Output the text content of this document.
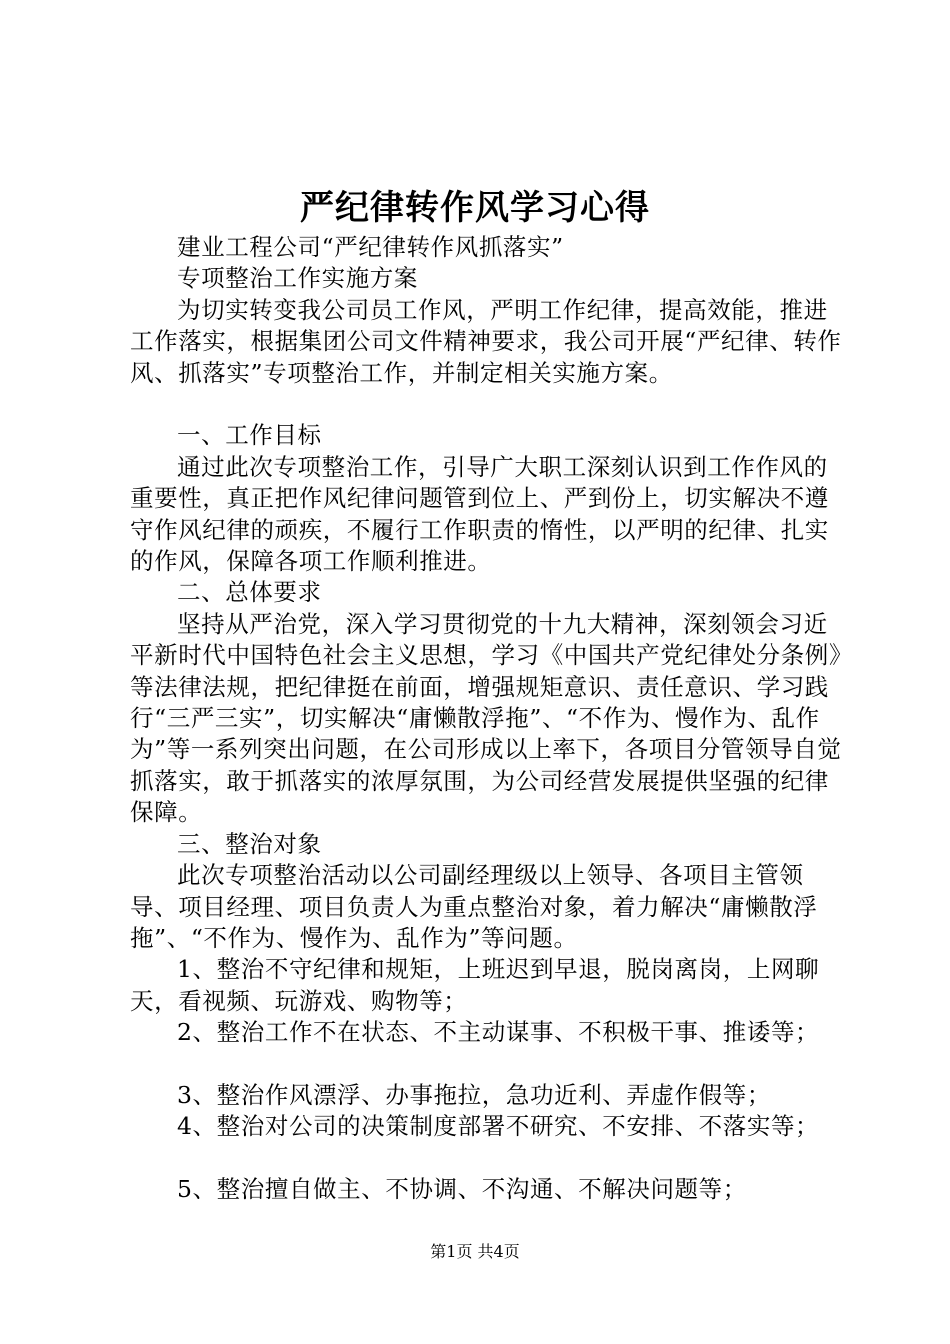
严纪律转作风学习心得

建业工程公司“严纪律转作风抓落实”

专项整治工作实施方案

为切实转变我公司员工作风，严明工作纪律，提高效能，推进工作落实，根据集团公司文件精神要求，我公司开展“严纪律、转作风、抓落实”专项整治工作，并制定相关实施方案。

一、工作目标

通过此次专项整治工作，引导广大职工深刻认识到工作作风的重要性，真正把作风纪律问题管到位上、严到份上，切实解决不遵守作风纪律的顽疾，不履行工作职责的惰性，以严明的纪律、扎实的作风，保障各项工作顺利推进。

二、总体要求

坚持从严治党，深入学习贯彻党的十九大精神，深刻领会习近平新时代中国特色社会主义思想，学习《中国共产党纪律处分条例》等法律法规，把纪律挺在前面，增强规矩意识、责任意识、学习践行“三严三实”，切实解决“庸懒散浮拖”、“不作为、慢作为、乱作为”等一系列突出问题，在公司形成以上率下，各项目分管领导自觉抓落实，敢于抓落实的浓厚氛围，为公司经营发展提供坚强的纪律保障。

三、整治对象

此次专项整治活动以公司副经理级以上领导、各项目主管领导、项目经理、项目负责人为重点整治对象，着力解决“庸懒散浮拖”、“不作为、慢作为、乱作为”等问题。

1、整治不守纪律和规矩，上班迟到早退，脱岗离岗，上网聊天，看视频、玩游戏、购物等；

2、整治工作不在状态、不主动谋事、不积极干事、推诿等；

3、整治作风漂浮、办事拖拉，急功近利、弄虚作假等；

4、整治对公司的决策制度部署不研究、不安排、不落实等；

5、整治擅自做主、不协调、不沟通、不解决问题等；

第1页 共4页
